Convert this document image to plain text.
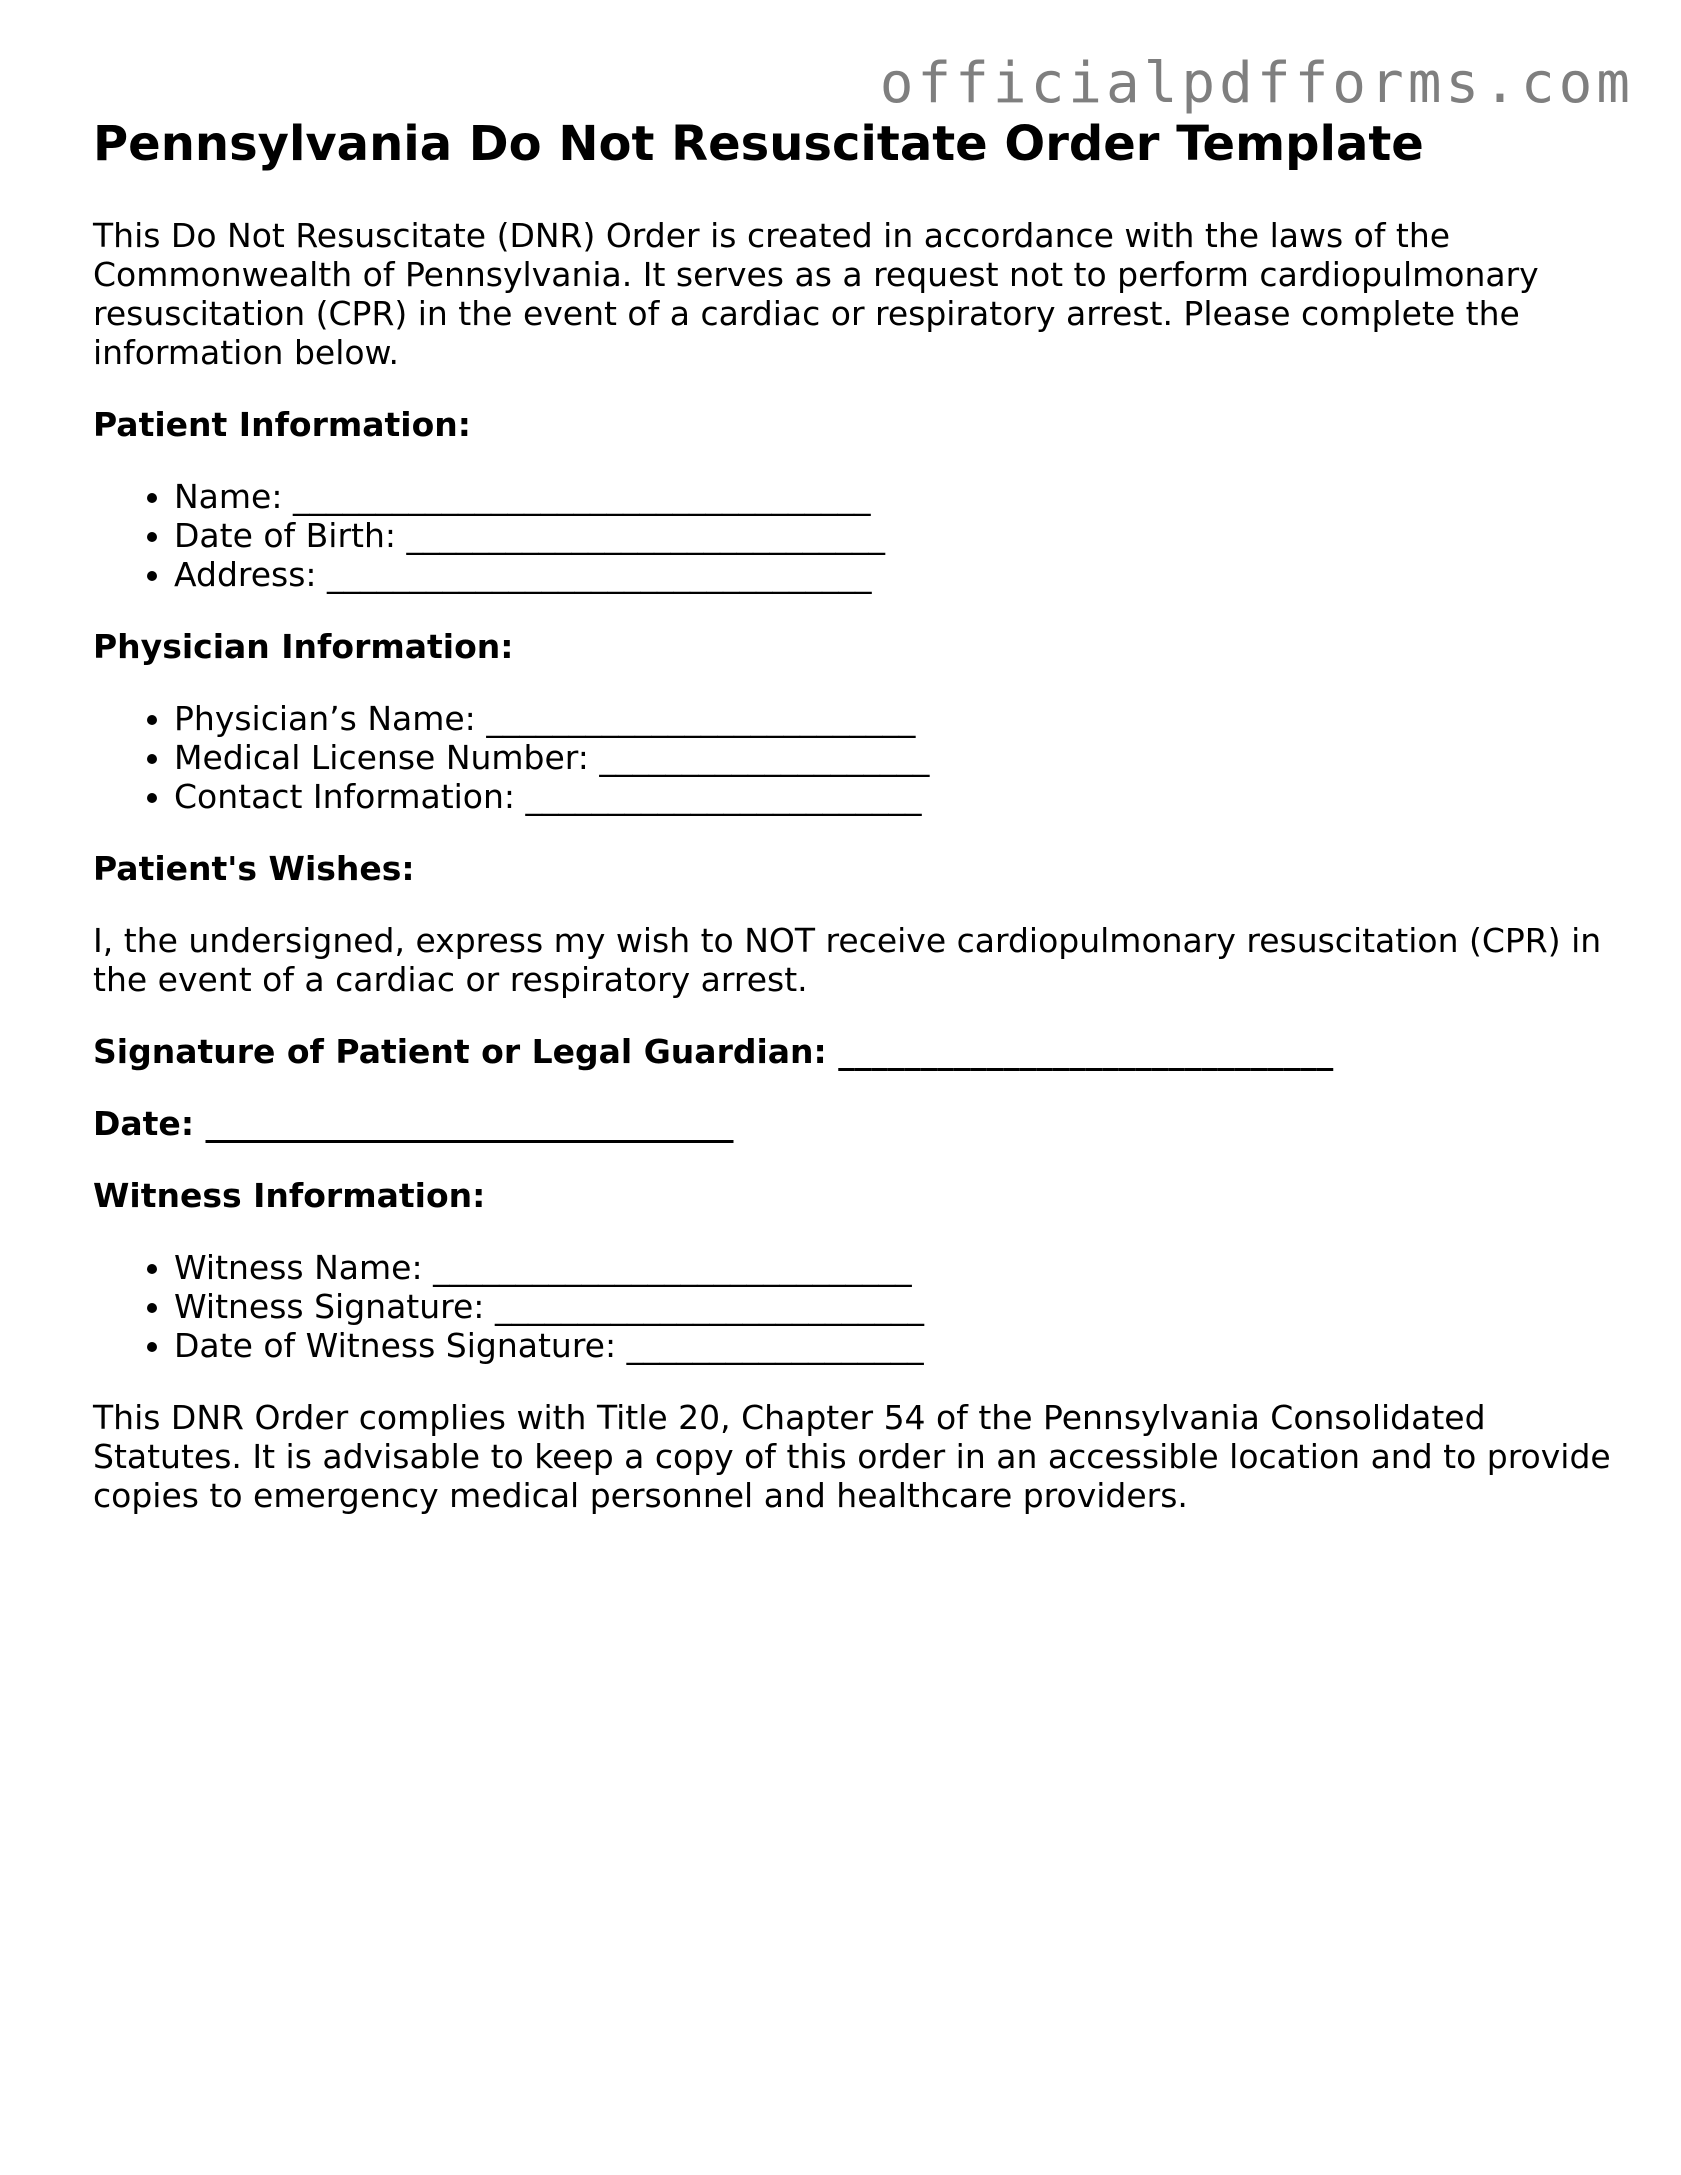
officialpdfforms.com
Pennsylvania Do Not Resuscitate Order Template

This Do Not Resuscitate (DNR) Order is created in accordance with the laws of the Commonwealth of Pennsylvania. It serves as a request not to perform cardiopulmonary resuscitation (CPR) in the event of a cardiac or respiratory arrest. Please complete the information below.

Patient Information:

• Name: ___________________________________
• Date of Birth: _____________________________
• Address: _________________________________

Physician Information:

• Physician’s Name: __________________________
• Medical License Number: ____________________
• Contact Information: ________________________

Patient's Wishes:

I, the undersigned, express my wish to NOT receive cardiopulmonary resuscitation (CPR) in the event of a cardiac or respiratory arrest.

Signature of Patient or Legal Guardian: ______________________________

Date: ________________________________

Witness Information:

• Witness Name: _____________________________
• Witness Signature: __________________________
• Date of Witness Signature: __________________

This DNR Order complies with Title 20, Chapter 54 of the Pennsylvania Consolidated Statutes. It is advisable to keep a copy of this order in an accessible location and to provide copies to emergency medical personnel and healthcare providers.
